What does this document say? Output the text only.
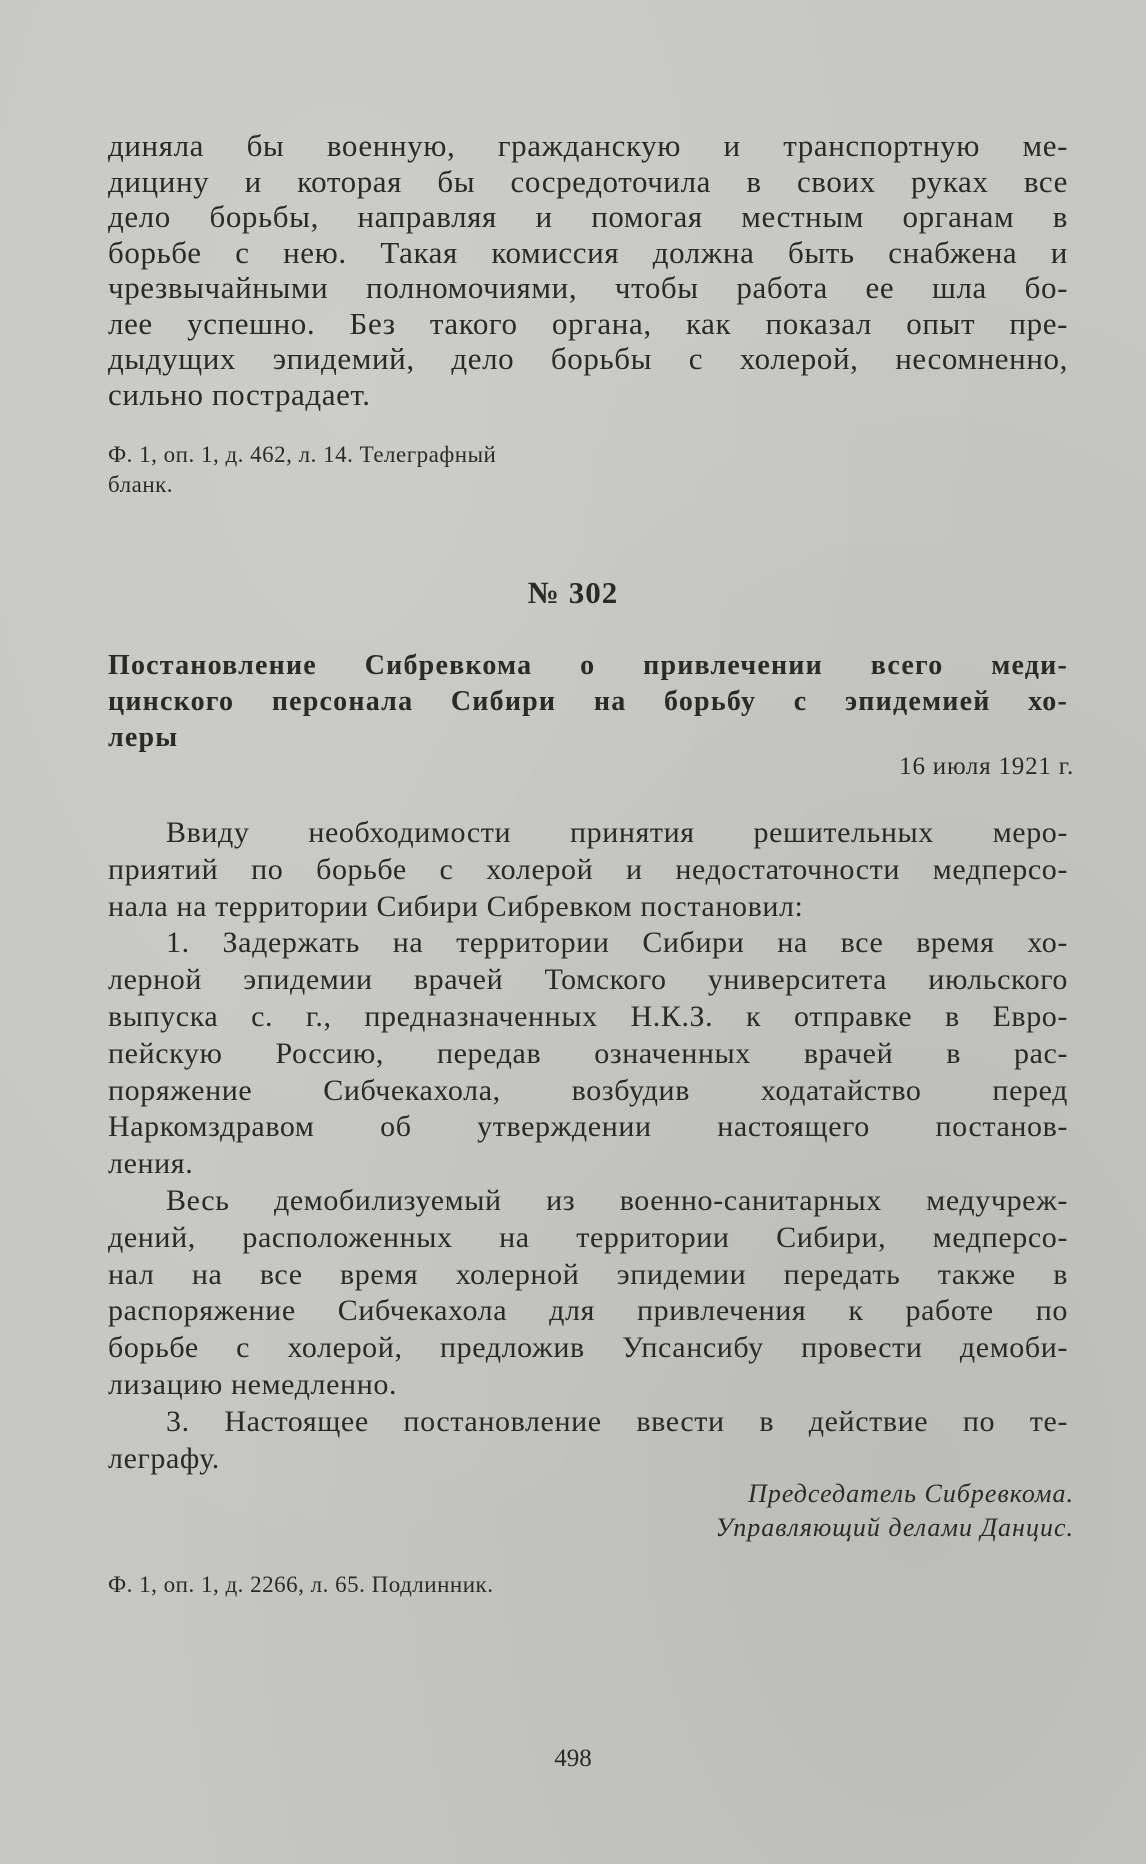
диняла бы военную, гражданскую и транспортную ме-
дицину и которая бы сосредоточила в своих руках все
дело борьбы, направляя и помогая местным органам в
борьбе с нею. Такая комиссия должна быть снабжена и
чрезвычайными полномочиями, чтобы работа ее шла бо-
лее успешно. Без такого органа, как показал опыт пре-
дыдущих эпидемий, дело борьбы с холерой, несомненно,
сильно пострадает.
Ф. 1, оп. 1, д. 462, л. 14. Телеграфный
бланк.
№ 302
Постановление Сибревкома о привлечении всего меди-
цинского персонала Сибири на борьбу с эпидемией хо-
леры
16 июля 1921 г.
Ввиду необходимости принятия решительных меро-
приятий по борьбе с холерой и недостаточности медперсо-
нала на территории Сибири Сибревком постановил:
1. Задержать на территории Сибири на все время хо-
лерной эпидемии врачей Томского университета июльского
выпуска с. г., предназначенных Н.К.З. к отправке в Евро-
пейскую Россию, передав означенных врачей в рас-
поряжение Сибчекахола, возбудив ходатайство перед
Наркомздравом об утверждении настоящего постанов-
ления.
Весь демобилизуемый из военно-санитарных медучреж-
дений, расположенных на территории Сибири, медперсо-
нал на все время холерной эпидемии передать также в
распоряжение Сибчекахола для привлечения к работе по
борьбе с холерой, предложив Упсансибу провести демоби-
лизацию немедленно.
3. Настоящее постановление ввести в действие по те-
леграфу.
Председатель Сибревкома.
Управляющий делами Данцис.
Ф. 1, оп. 1, д. 2266, л. 65. Подлинник.
498
